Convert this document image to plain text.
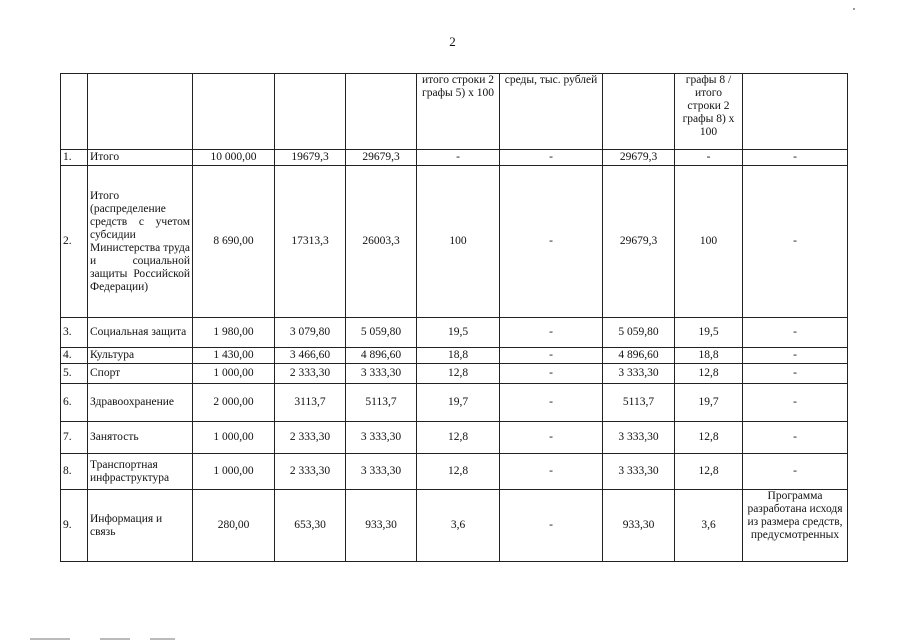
2
					итого строки 2 графы 5) х 100	среды, тыс. рублей		графы 8 / итого строки 2 графы 8) х 100	
1.	Итого	10 000,00	19679,3	29679,3	-	-	29679,3	-	-
2.	Итого (распределение средств с учетом субсидии Министерства труда и социальной защиты Российской Федерации)	8 690,00	17313,3	26003,3	100	-	29679,3	100	-
3.	Социальная защита	1 980,00	3 079,80	5 059,80	19,5	-	5 059,80	19,5	-
4.	Культура	1 430,00	3 466,60	4 896,60	18,8	-	4 896,60	18,8	-
5.	Спорт	1 000,00	2 333,30	3 333,30	12,8	-	3 333,30	12,8	-
6.	Здравоохранение	2 000,00	3113,7	5113,7	19,7	-	5113,7	19,7	-
7.	Занятость	1 000,00	2 333,30	3 333,30	12,8	-	3 333,30	12,8	-
8.	Транспортная инфраструктура	1 000,00	2 333,30	3 333,30	12,8	-	3 333,30	12,8	-
9.	Информация и связь	280,00	653,30	933,30	3,6	-	933,30	3,6	Программа разработана исходя из размера средств, предусмотренных
